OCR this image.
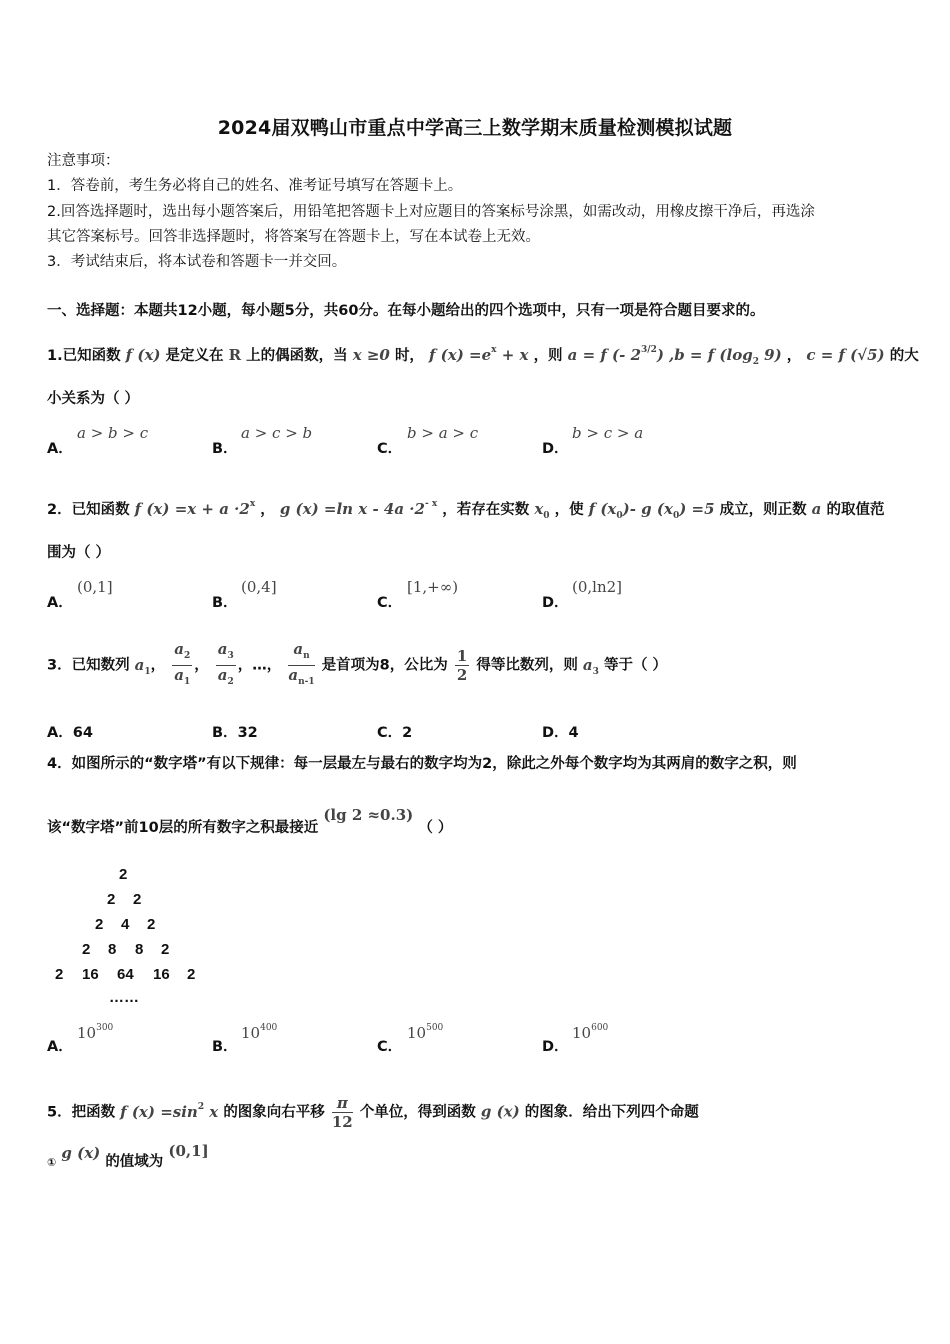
2024届双鸭山市重点中学高三上数学期末质量检测模拟试题
注意事项：
1．答卷前，考生务必将自己的姓名、准考证号填写在答题卡上。
2.回答选择题时，选出每小题答案后，用铅笔把答题卡上对应题目的答案标号涂黑，如需改动，用橡皮擦干净后，再选涂
其它答案标号。回答非选择题时，将答案写在答题卡上，写在本试卷上无效。
3．考试结束后，将本试卷和答题卡一并交回。
一、选择题：本题共12小题，每小题5分，共60分。在每小题给出的四个选项中，只有一项是符合题目要求的。
1.已知函数 f (x) 是定义在 R 上的偶函数，当 x ≥0 时， f $(x) =e^x + x$ ，则 a = f (- $2^{3/2}$) ,b = f ($\log_2$ 9) ， c = f (√5) 的大
小关系为（ ）
A．
a > b > c
B．
a > c > b
C．
b > a > c
D．
b > c > a
2．已知函数 f $(x) =x + a \cdot 2^x$ ， g (x) =ln $x - 4a \cdot 2^{- x}$ ，若存在实数 $x_0$ ，使 f $(x_0)-$ g $(x_0) =5$ 成立，则正数 a 的取值范
围为（ ）
A．
(0,1]
B．
(0,4]
C．
[1,+∞)
D．
(0,ln2]
3．已知数列 $a_1$， $\frac{a_2}{a_1}$ ， $\frac{a_3}{a_2}$ ，…， $\frac{a_n}{a_{n-1}}$ 是首项为8，公比为 $\frac{1}{2}$ 得等比数列，则 $a_3$ 等于（ ）
A．64	B．32	C．2	D．4
4．如图所示的“数字塔”有以下规律：每一层最左与最右的数字均为2，除此之外每个数字均为其两肩的数字之积，则
该“数字塔”前10层的所有数字之积最接近 (lg 2 ≈0.3) （ ）
2
2 2
2 4 2
2 8 8 2
2 16 64 16 2
……
A．
$10^{300}$
B．
$10^{400}$
C．
$10^{500}$
D．
$10^{600}$
5．把函数 f $(x) =\sin^2$ x 的图象向右平移 $\frac{\pi}{12}$ 个单位，得到函数 g (x) 的图象．给出下列四个命题
① g (x) 的值域为 (0,1]
